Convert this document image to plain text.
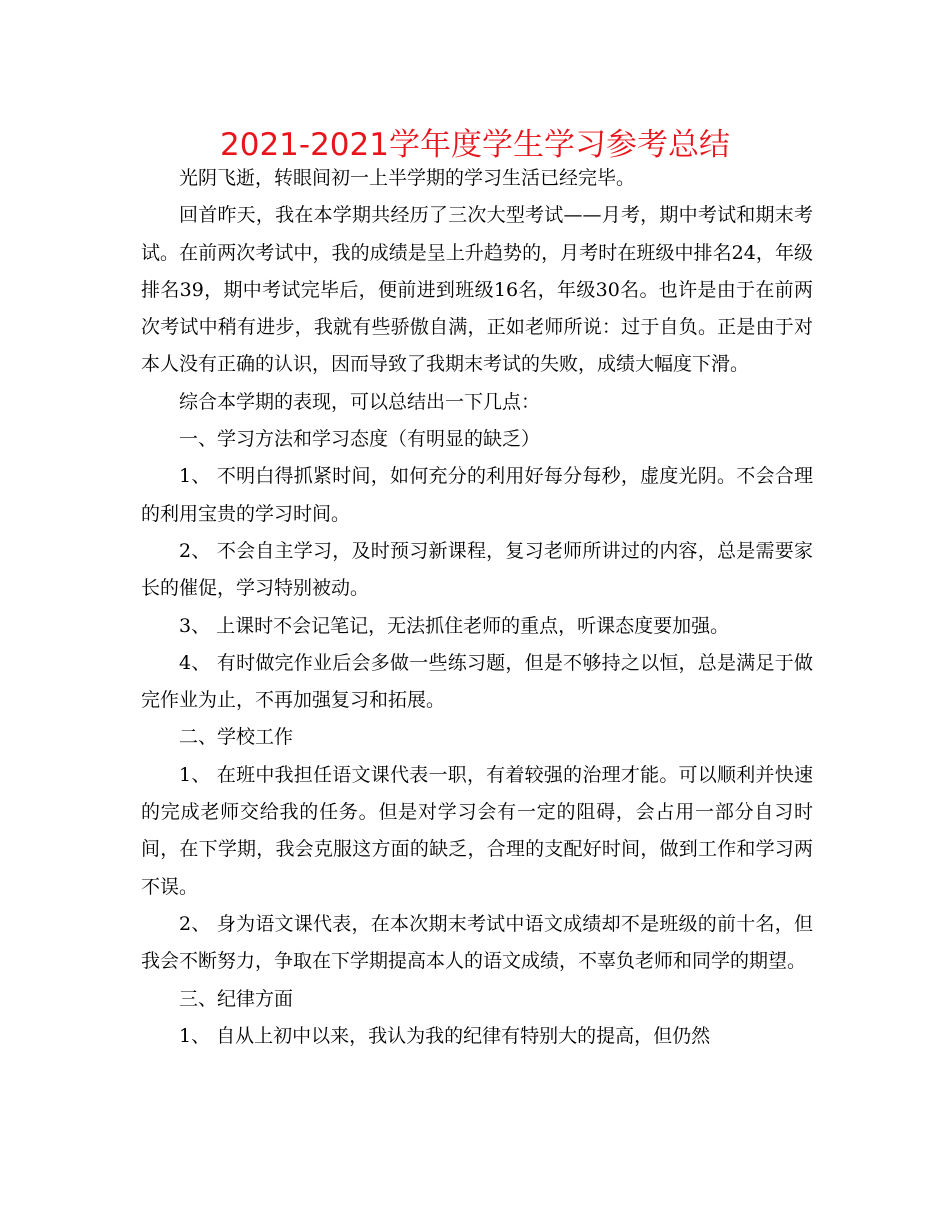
2021-2021学年度学生学习参考总结

光阴飞逝，转眼间初一上半学期的学习生活已经完毕。

回首昨天，我在本学期共经历了三次大型考试——月考，期中考试和期末考试。在前两次考试中，我的成绩是呈上升趋势的，月考时在班级中排名24，年级排名39，期中考试完毕后，便前进到班级16名，年级30名。也许是由于在前两次考试中稍有进步，我就有些骄傲自满，正如老师所说：过于自负。正是由于对本人没有正确的认识，因而导致了我期末考试的失败，成绩大幅度下滑。

综合本学期的表现，可以总结出一下几点：

一、学习方法和学习态度（有明显的缺乏）

1、 不明白得抓紧时间，如何充分的利用好每分每秒，虚度光阴。不会合理的利用宝贵的学习时间。

2、 不会自主学习，及时预习新课程，复习老师所讲过的内容，总是需要家长的催促，学习特别被动。

3、 上课时不会记笔记，无法抓住老师的重点，听课态度要加强。

4、 有时做完作业后会多做一些练习题，但是不够持之以恒，总是满足于做完作业为止，不再加强复习和拓展。

二、学校工作

1、 在班中我担任语文课代表一职，有着较强的治理才能。可以顺利并快速的完成老师交给我的任务。但是对学习会有一定的阻碍，会占用一部分自习时间，在下学期，我会克服这方面的缺乏，合理的支配好时间，做到工作和学习两不误。

2、 身为语文课代表，在本次期末考试中语文成绩却不是班级的前十名，但我会不断努力，争取在下学期提高本人的语文成绩，不辜负老师和同学的期望。

三、纪律方面

1、 自从上初中以来，我认为我的纪律有特别大的提高，但仍然
